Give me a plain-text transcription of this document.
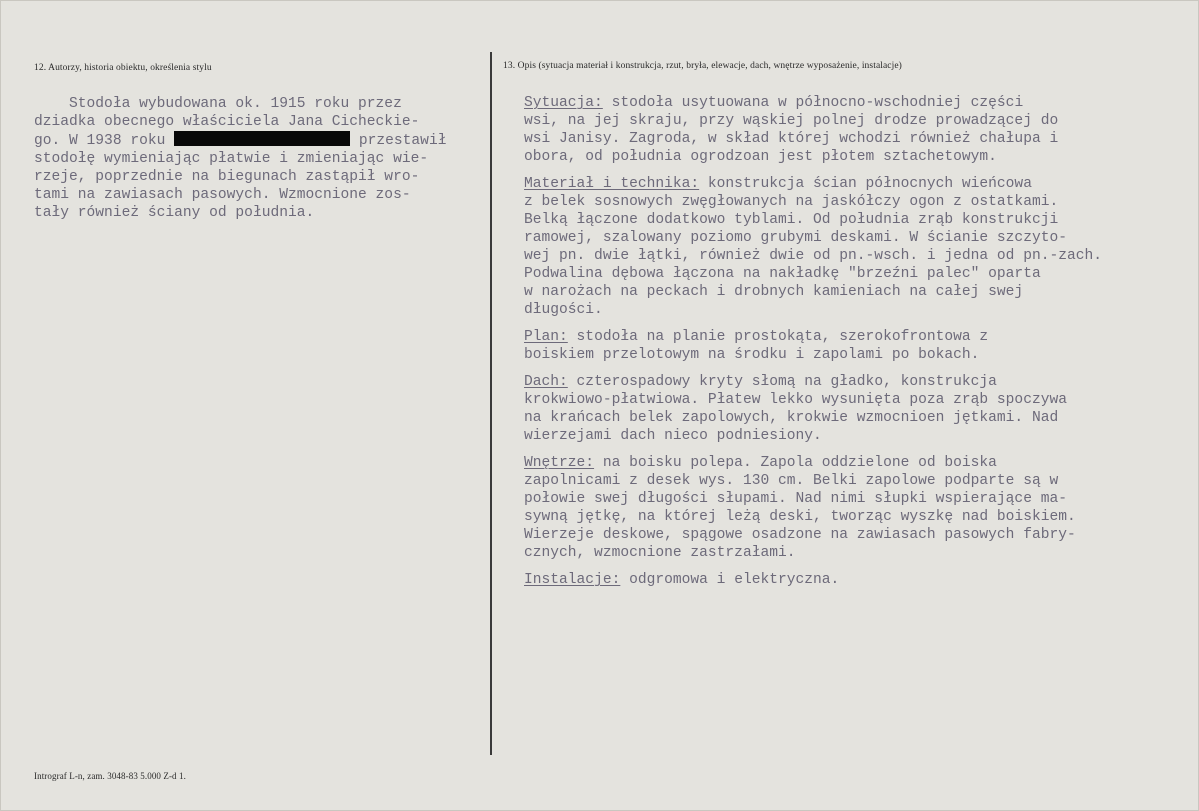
12. Autorzy, historia obiektu, określenia stylu	13. Opis (sytuacja materiał i konstrukcja, rzut, bryła, elewacje, dach, wnętrze wyposażenie, instalacje)
Stodoła wybudowana ok. 1915 roku przez
dziadka obecnego właściciela Jana Cicheckie-
go. W 1938 roku	przestawił
stodołę wymieniając płatwie i zmieniając wie-
rzeje, poprzednie na biegunach zastąpił wro-
tami na zawiasach pasowych. Wzmocnione zos-
tały również ściany od południa.
Sytuacja: stodoła usytuowana w północno-wschodniej części
wsi, na jej skraju, przy wąskiej polnej drodze prowadzącej do
wsi Janisy. Zagroda, w skład której wchodzi również chałupa i
obora, od południa ogrodzoan jest płotem sztachetowym.
Materiał i technika: konstrukcja ścian północnych wieńcowa
z belek sosnowych zwęgłowanych na jaskółczy ogon z ostatkami.
Belką łączone dodatkowo tyblami. Od południa zrąb konstrukcji
ramowej, szalowany poziomo grubymi deskami. W ścianie szczyto-
wej pn. dwie łątki, również dwie od pn.-wsch. i jedna od pn.-zach.
Podwalina dębowa łączona na nakładkę "brzeźni palec" oparta
w narożach na peckach i drobnych kamieniach na całej swej
długości.
Plan: stodoła na planie prostokąta, szerokofrontowa z
boiskiem przelotowym na środku i zapolami po bokach.
Dach: czterospadowy kryty słomą na gładko, konstrukcja
krokwiowo-płatwiowa. Płatew lekko wysunięta poza zrąb spoczywa
na krańcach belek zapolowych, krokwie wzmocnioen jętkami. Nad
wierzejami dach nieco podniesiony.
Wnętrze: na boisku polepa. Zapola oddzielone od boiska
zapolnicami z desek wys. 130 cm. Belki zapolowe podparte są w
połowie swej długości słupami. Nad nimi słupki wspierające ma-
sywną jętkę, na której leżą deski, tworząc wyszkę nad boiskiem.
Wierzeje deskowe, spągowe osadzone na zawiasach pasowych fabry-
cznych, wzmocnione zastrzałami.
Instalacje: odgromowa i elektryczna.
Intrograf L-n, zam. 3048-83 5.000 Z-d 1.
